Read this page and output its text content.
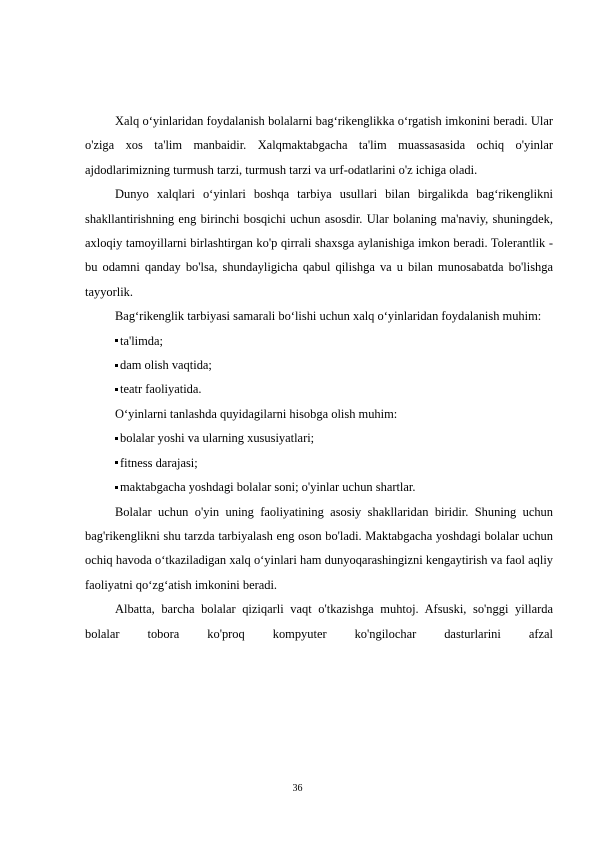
Xalq o‘yinlaridan foydalanish bolalarni bag‘rikenglikka o‘rgatish imkonini beradi. Ular o'ziga xos ta'lim manbaidir. Xalqmaktabgacha ta'lim muassasasida ochiq o'yinlar ajdodlarimizning turmush tarzi, turmush tarzi va urf-odatlarini o'z ichiga oladi.

Dunyo xalqlari o‘yinlari boshqa tarbiya usullari bilan birgalikda bag‘rikenglikni shakllantirishning eng birinchi bosqichi uchun asosdir. Ular bolaning ma'naviy, shuningdek, axloqiy tamoyillarni birlashtirgan ko'p qirrali shaxsga aylanishiga imkon beradi. Tolerantlik - bu odamni qanday bo'lsa, shundayligicha qabul qilishga va u bilan munosabatda bo'lishga tayyorlik.

Bag‘rikenglik tarbiyasi samarali bo‘lishi uchun xalq o‘yinlaridan foydalanish muhim:

ta'limda;
dam olish vaqtida;
teatr faoliyatida.

O‘yinlarni tanlashda quyidagilarni hisobga olish muhim:

bolalar yoshi va ularning xususiyatlari;
fitness darajasi;
maktabgacha yoshdagi bolalar soni; o'yinlar uchun shartlar.

Bolalar uchun o'yin uning faoliyatining asosiy shakllaridan biridir. Shuning uchun bag'rikenglikni shu tarzda tarbiyalash eng oson bo'ladi. Maktabgacha yoshdagi bolalar uchun ochiq havoda o‘tkaziladigan xalq o‘yinlari ham dunyoqarashingizni kengaytirish va faol aqliy faoliyatni qo‘zg‘atish imkonini beradi.

Albatta, barcha bolalar qiziqarli vaqt o'tkazishga muhtoj. Afsuski, so'nggi yillarda bolalar tobora ko'proq kompyuter ko'ngilochar dasturlarini afzal

36
